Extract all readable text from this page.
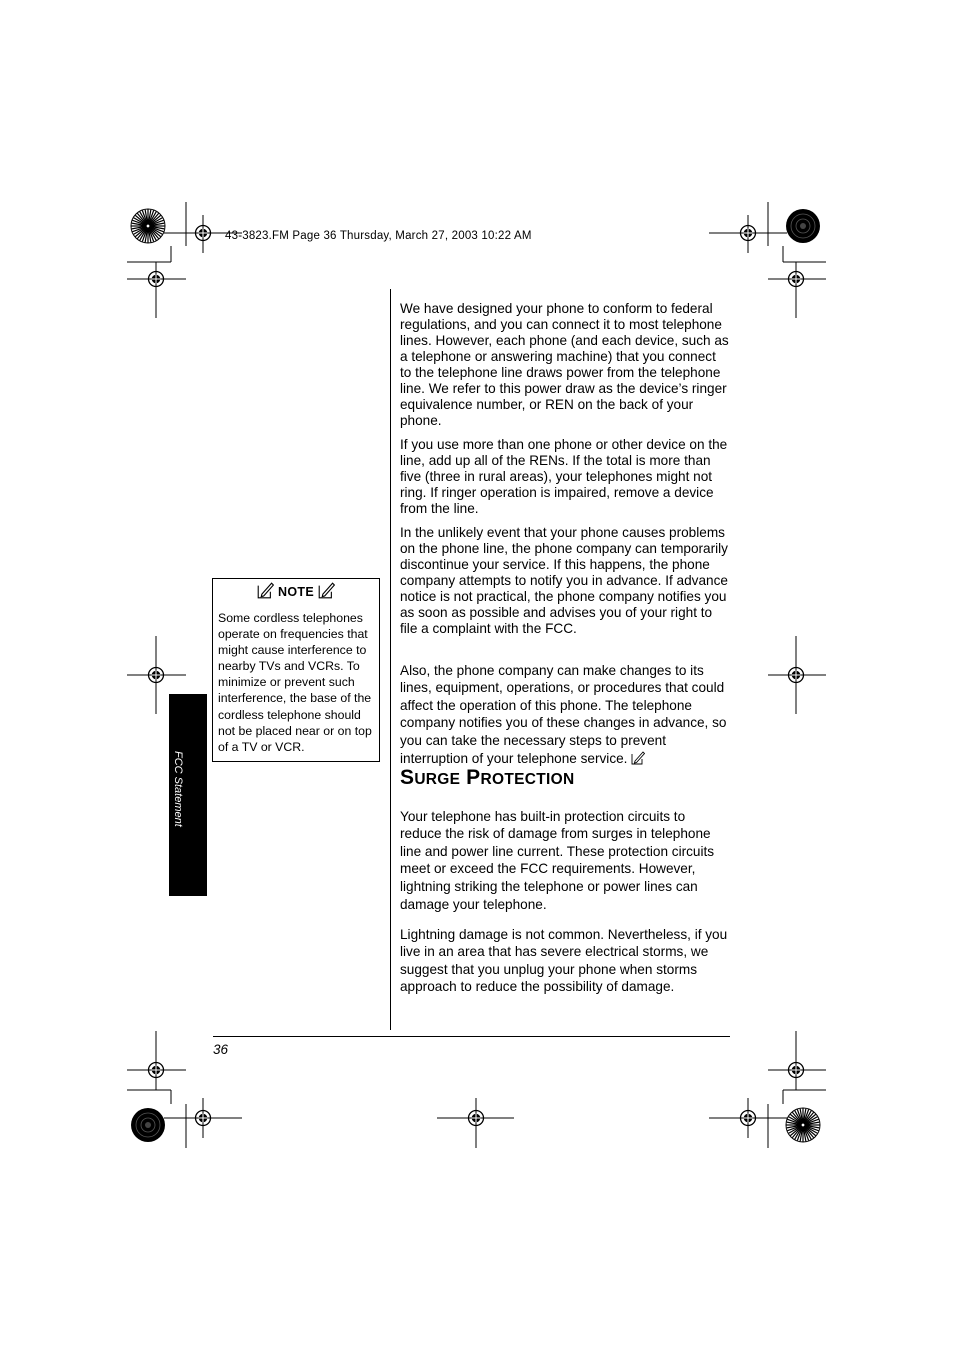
43-3823.FM Page 36 Thursday, March 27, 2003 10:22 AM

We have designed your phone to conform to federal regulations, and you can connect it to most telephone lines. However, each phone (and each device, such as a telephone or answering machine) that you connect to the telephone line draws power from the telephone line. We refer to this power draw as the device’s ringer equivalence number, or REN on the back of your phone.

If you use more than one phone or other device on the line, add up all of the RENs. If the total is more than five (three in rural areas), your telephones might not ring. If ringer operation is impaired, remove a device from the line.

In the unlikely event that your phone causes problems on the phone line, the phone company can temporarily discontinue your service. If this happens, the phone company attempts to notify you in advance. If advance notice is not practical, the phone company notifies you as soon as possible and advises you of your right to file a complaint with the FCC.

Also, the phone company can make changes to its lines, equipment, operations, or procedures that could affect the operation of this phone. The telephone company notifies you of these changes in advance, so you can take the necessary steps to prevent interruption of your telephone service.

SURGE PROTECTION

Your telephone has built-in protection circuits to reduce the risk of damage from surges in telephone line and power line current. These protection circuits meet or exceed the FCC requirements. However, lightning striking the telephone or power lines can damage your telephone.

Lightning damage is not common. Nevertheless, if you live in an area that has severe electrical storms, we suggest that you unplug your phone when storms approach to reduce the possibility of damage.

NOTE
Some cordless telephones operate on frequencies that might cause interference to nearby TVs and VCRs. To minimize or prevent such interference, the base of the cordless telephone should not be placed near or on top of a TV or VCR.
FCC Statement
36
